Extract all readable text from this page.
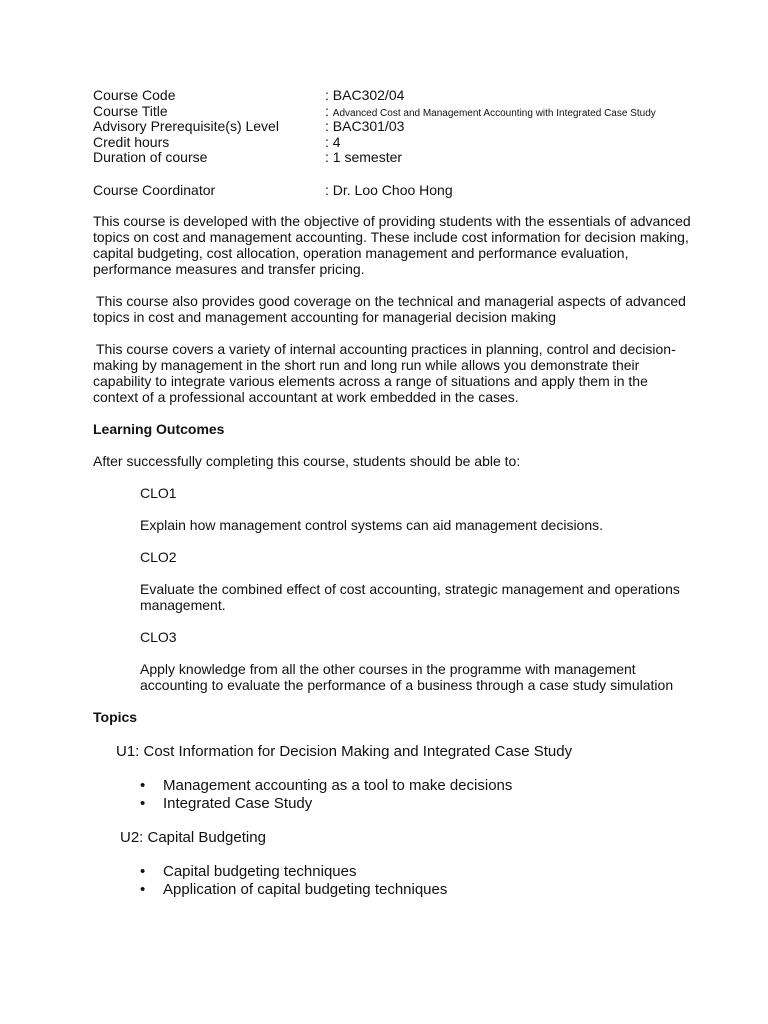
Course Code	: BAC302/04
Course Title	: Advanced Cost and Management Accounting with Integrated Case Study
Advisory Prerequisite(s) Level	: BAC301/03
Credit hours	: 4
Duration of course	: 1 semester
Course Coordinator	: Dr. Loo Choo Hong

This course is developed with the objective of providing students with the essentials of advanced topics on cost and management accounting. These include cost information for decision making, capital budgeting, cost allocation, operation management and performance evaluation, performance measures and transfer pricing.

This course also provides good coverage on the technical and managerial aspects of advanced topics in cost and management accounting for managerial decision making

This course covers a variety of internal accounting practices in planning, control and decision-making by management in the short run and long run while allows you demonstrate their capability to integrate various elements across a range of situations and apply them in the context of a professional accountant at work embedded in the cases.

Learning Outcomes

After successfully completing this course, students should be able to:

CLO1

Explain how management control systems can aid management decisions.

CLO2

Evaluate the combined effect of cost accounting, strategic management and operations management.

CLO3

Apply knowledge from all the other courses in the programme with management accounting to evaluate the performance of a business through a case study simulation

Topics

U1: Cost Information for Decision Making and Integrated Case Study

• Management accounting as a tool to make decisions
• Integrated Case Study

U2: Capital Budgeting

• Capital budgeting techniques
• Application of capital budgeting techniques
